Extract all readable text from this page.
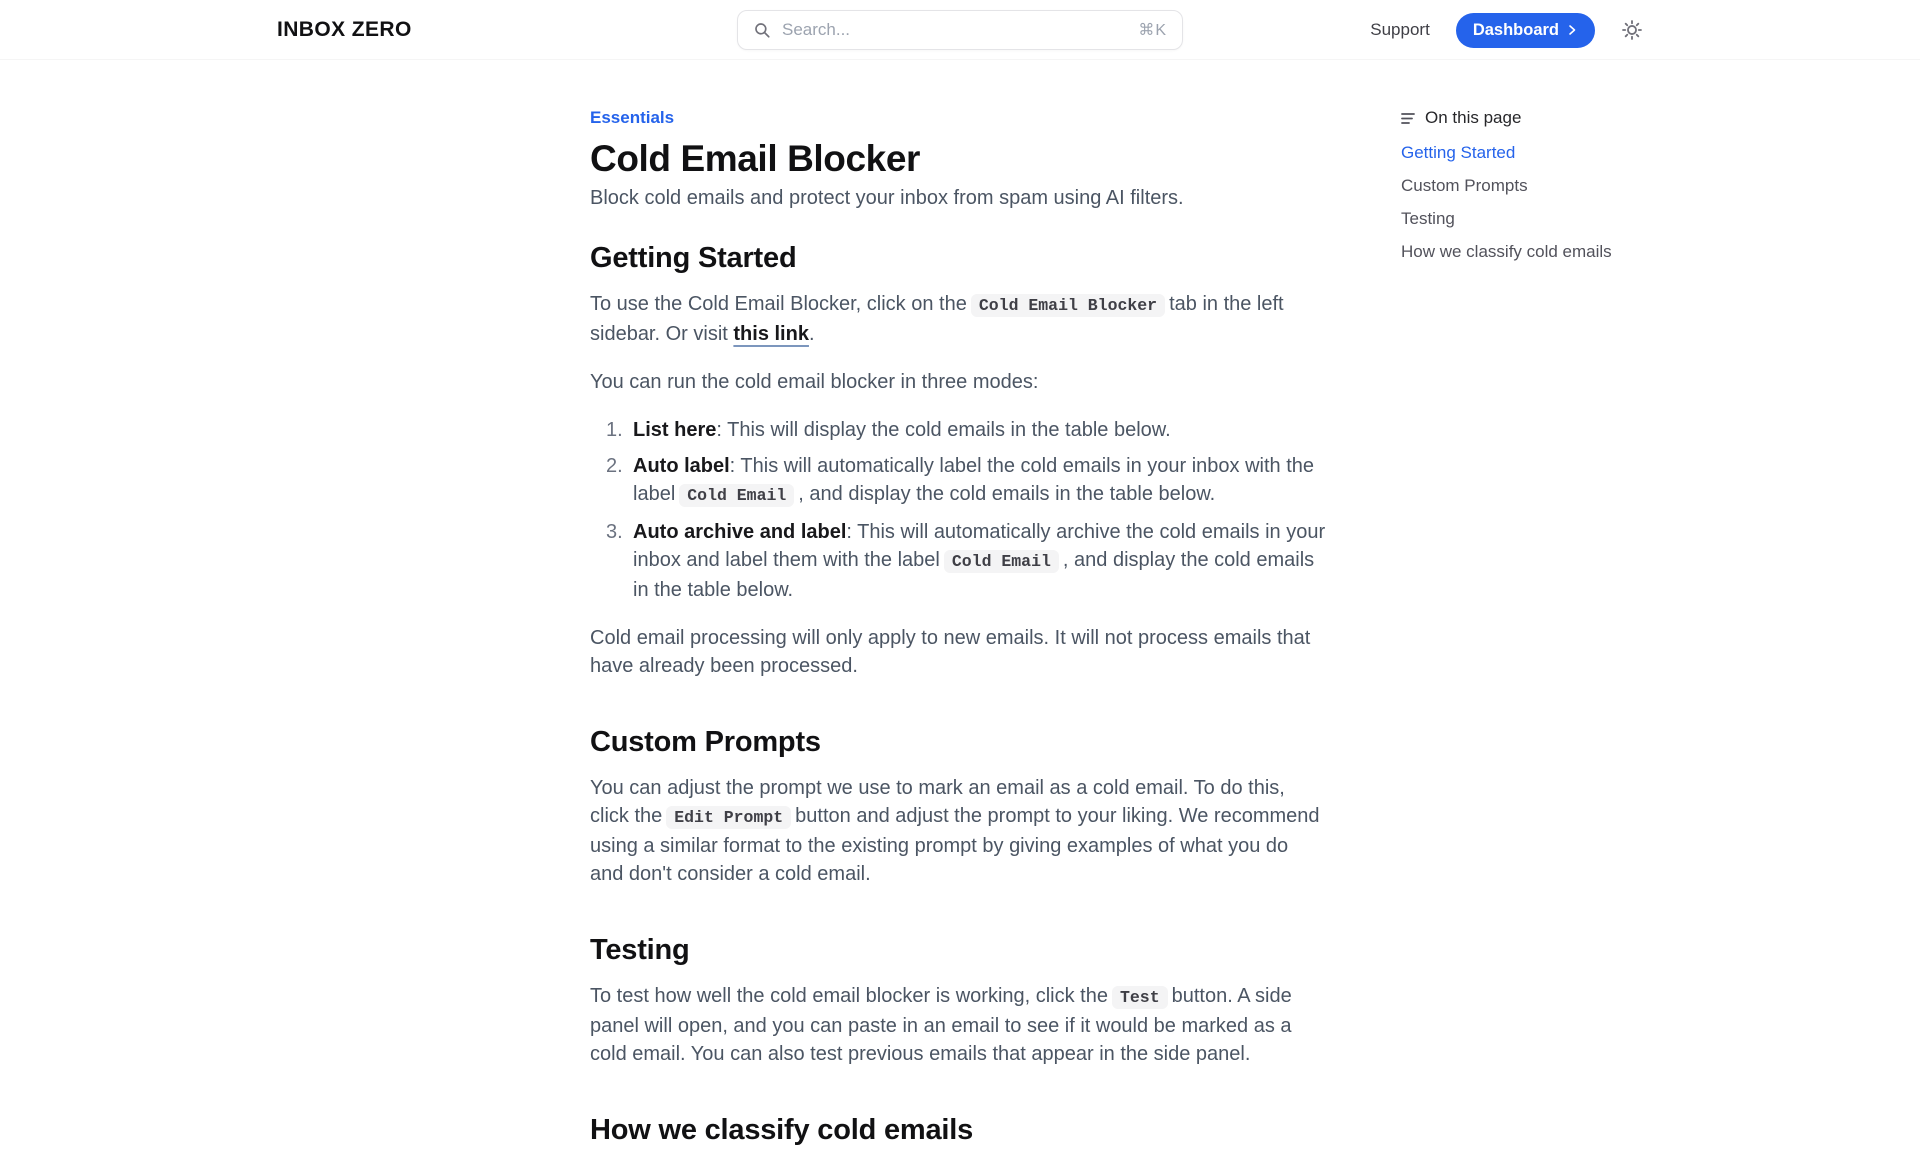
INBOX ZERO	Search...	⌘K	Support	Dashboard
Essentials
Cold Email Blocker

Block cold emails and protect your inbox from spam using AI filters.

Getting Started

To use the Cold Email Blocker, click on the Cold Email Blocker tab in the left sidebar. Or visit this link.

You can run the cold email blocker in three modes:

List here: This will display the cold emails in the table below.
Auto label: This will automatically label the cold emails in your inbox with the label Cold Email , and display the cold emails in the table below.
Auto archive and label: This will automatically archive the cold emails in your inbox and label them with the label Cold Email , and display the cold emails in the table below.

Cold email processing will only apply to new emails. It will not process emails that have already been processed.

Custom Prompts

You can adjust the prompt we use to mark an email as a cold email. To do this, click the Edit Prompt button and adjust the prompt to your liking. We recommend using a similar format to the existing prompt by giving examples of what you do and don't consider a cold email.

Testing

To test how well the cold email blocker is working, click the Test button. A side panel will open, and you can paste in an email to see if it would be marked as a cold email. You can also test previous emails that appear in the side panel.

How we classify cold emails
On this page
Getting Started
Custom Prompts
Testing
How we classify cold emails
